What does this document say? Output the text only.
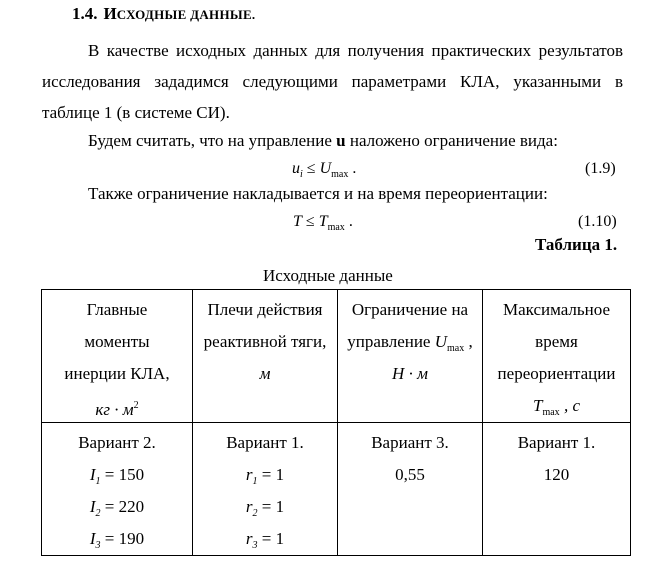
1.4. ИСХОДНЫЕ ДАННЫЕ.
В качестве исходных данных для получения практических результатов
исследования зададимся следующими параметрами КЛА, указанными в
таблице 1 (в системе СИ).
Будем считать, что на управление u наложено ограничение вида:
$u_i \le U_{max}$ .	(1.9)
Также ограничение накладывается и на время переориентации:
$T \le T_{max}$ .	(1.10)
Таблица 1.
Исходные данные
Главные
моменты
инерции КЛА,
кг · $м^2$	Плечи действия
реактивной тяги,
м	Ограничение на
управление $U_{max}$ ,
Н · м	Максимальное
время
переориентации
$T_{max}$ , с

Вариант 2.
$I_1 = 150$
$I_2 = 220$
$I_3 = 190$	Вариант 1.
$r_1 = 1$
$r_2 = 1$
$r_3 = 1$	Вариант 3.
0,55	Вариант 1.
120
